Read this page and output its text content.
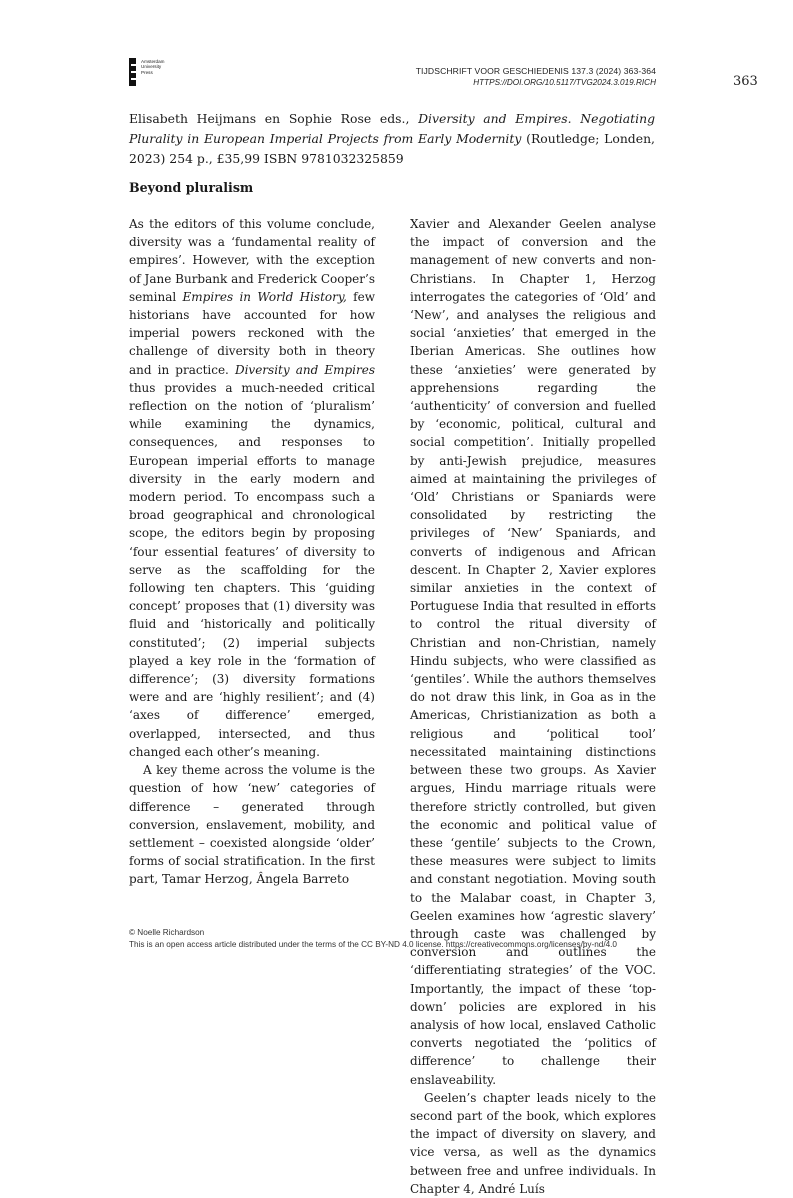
Amsterdam
University
Press	TIJDSCHRIFT VOOR GESCHIEDENIS 137.3 (2024) 363-364
HTTPS://DOI.ORG/10.5117/TVG2024.3.019.RICH	363
Elisabeth Heijmans en Sophie Rose eds., Diversity and Empires. Negotiating Plurality in European Imperial Projects from Early Modernity (Routledge; Londen, 2023) 254 p., £35,99 ISBN 9781032325859
Beyond pluralism

As the editors of this volume conclude, diversity was a ‘fundamental reality of empires’. However, with the exception of Jane Burbank and Frederick Cooper’s seminal Empires in World History, few historians have accounted for how imperial powers reckoned with the challenge of diversity both in theory and in practice. Diversity and Empires thus provides a much-needed critical reflection on the notion of ‘pluralism’ while examining the dynamics, consequences, and responses to European imperial efforts to manage diversity in the early modern and modern period. To encompass such a broad geographical and chronological scope, the editors begin by proposing ‘four essential features’ of diversity to serve as the scaffolding for the following ten chapters. This ‘guiding concept’ proposes that (1) diversity was fluid and ‘historically and politically constituted’; (2) imperial subjects played a key role in the ‘formation of difference’; (3) diversity formations were and are ‘highly resilient’; and (4) ‘axes of difference’ emerged, overlapped, intersected, and thus changed each other’s meaning.

A key theme across the volume is the question of how ‘new’ categories of difference – generated through conversion, enslavement, mobility, and settlement – coexisted alongside ‘older’ forms of social stratification. In the first part, Tamar Herzog, Ângela Barreto

Xavier and Alexander Geelen analyse the impact of conversion and the management of new converts and non-Christians. In Chapter 1, Herzog interrogates the categories of ‘Old’ and ‘New’, and analyses the religious and social ‘anxieties’ that emerged in the Iberian Americas. She outlines how these ‘anxieties’ were generated by apprehensions regarding the ‘authenticity’ of conversion and fuelled by ‘economic, political, cultural and social competition’. Initially propelled by anti-Jewish prejudice, measures aimed at maintaining the privileges of ‘Old’ Christians or Spaniards were consolidated by restricting the privileges of ‘New’ Spaniards, and converts of indigenous and African descent. In Chapter 2, Xavier explores similar anxieties in the context of Portuguese India that resulted in efforts to control the ritual diversity of Christian and non-Christian, namely Hindu subjects, who were classified as ‘gentiles’. While the authors themselves do not draw this link, in Goa as in the Americas, Christianization as both a religious and ‘political tool’ necessitated maintaining distinctions between these two groups. As Xavier argues, Hindu marriage rituals were therefore strictly controlled, but given the economic and political value of these ‘gentile’ subjects to the Crown, these measures were subject to limits and constant negotiation. Moving south to the Malabar coast, in Chapter 3, Geelen examines how ‘agrestic slavery’ through caste was challenged by conversion and outlines the ‘differentiating strategies’ of the VOC. Importantly, the impact of these ‘top-down’ policies are explored in his analysis of how local, enslaved Catholic converts negotiated the ‘politics of difference’ to challenge their enslaveability.

Geelen’s chapter leads nicely to the second part of the book, which explores the impact of diversity on slavery, and vice versa, as well as the dynamics between free and unfree individuals. In Chapter 4, André Luís

© Noelle Richardson
This is an open access article distributed under the terms of the CC BY-ND 4.0 license. https://creativecommons.org/licenses/by-nd/4.0
